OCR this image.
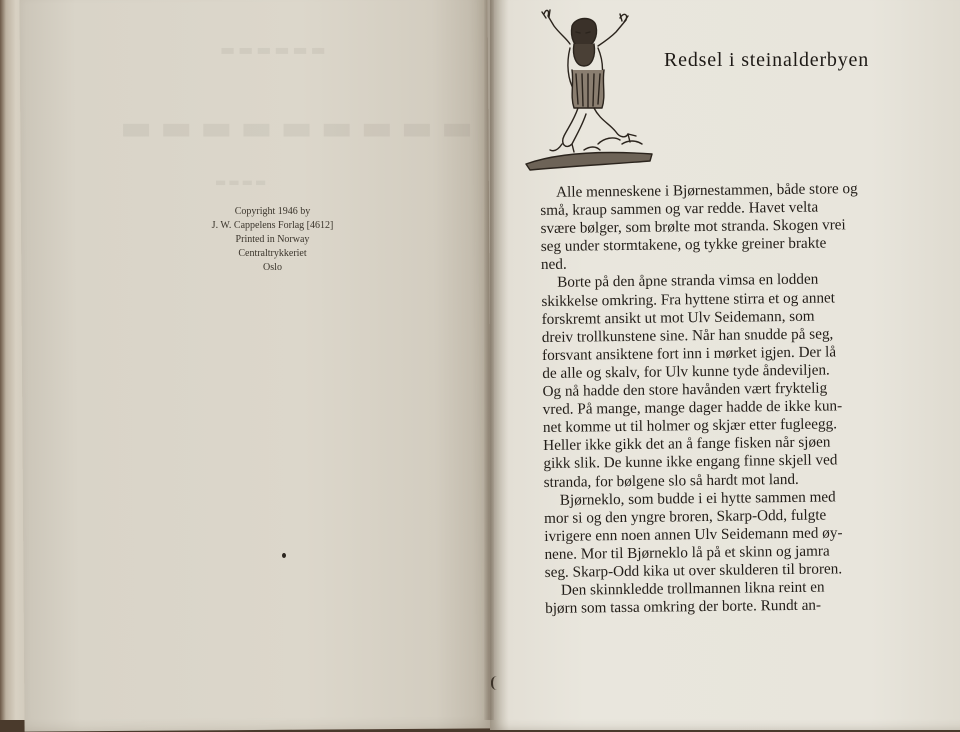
▬▬▬▬▬▬
▬▬▬▬▬▬▬▬▬
▬▬▬▬
Copyright 1946 by
J. W. Cappelens Forlag [4612]
Printed in Norway
Centraltrykkeriet
Oslo
Redsel i steinalderbyen
Alle menneskene i Bjørnestammen, både store og
små, kraup sammen og var redde. Havet velta
svære bølger, som brølte mot stranda. Skogen vrei
seg under stormtakene, og tykke greiner brakte
ned.
Borte på den åpne stranda vimsa en lodden
skikkelse omkring. Fra hyttene stirra et og annet
forskremt ansikt ut mot Ulv Seidemann, som
dreiv trollkunstene sine. Når han snudde på seg,
forsvant ansiktene fort inn i mørket igjen. Der lå
de alle og skalv, for Ulv kunne tyde åndeviljen.
Og nå hadde den store havånden vært fryktelig
vred. På mange, mange dager hadde de ikke kun-
net komme ut til holmer og skjær etter fugleegg.
Heller ikke gikk det an å fange fisken når sjøen
gikk slik. De kunne ikke engang finne skjell ved
stranda, for bølgene slo så hardt mot land.
Bjørneklo, som budde i ei hytte sammen med
mor si og den yngre broren, Skarp-Odd, fulgte
ivrigere enn noen annen Ulv Seidemann med øy-
nene. Mor til Bjørneklo lå på et skinn og jamra
seg. Skarp-Odd kika ut over skulderen til broren.
Den skinnkledde trollmannen likna reint en
bjørn som tassa omkring der borte. Rundt an-
